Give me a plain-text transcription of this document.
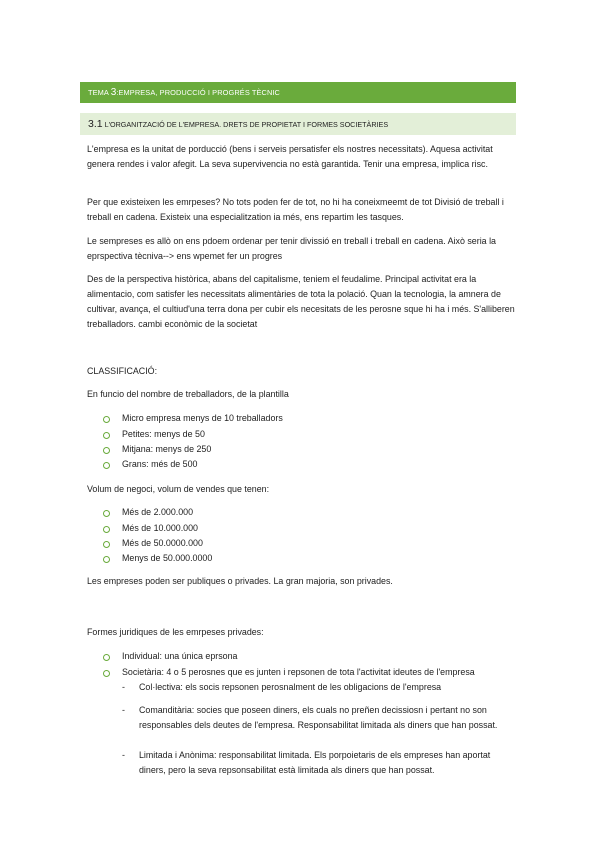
TEMA 3:EMPRESA, PRODUCCIÓ I PROGRÉS TÈCNIC
3.1 L'ORGANITZACIÓ DE L'EMPRESA. DRETS DE PROPIETAT I FORMES SOCIETÀRIES

L'empresa es la unitat de porducció (bens i serveis persatisfer els nostres necessitats). Aquesa activitat genera rendes i valor afegit. La seva supervivencia no està garantida. Tenir una empresa, implica risc.

Per que existeixen les emrpeses? No tots poden fer de tot, no hi ha coneixmeemt de tot Divisió de treball i treball en cadena. Existeix una especialitzation ia més, ens repartim les tasques.

Le sempreses es allò on ens pdoem ordenar per tenir divissió en treball i treball en cadena. Això seria la eprspectiva tècniva--> ens wpemet fer un progres

Des de la perspectiva històrica, abans del capitalisme, teniem el feudalime. Principal activitat era la alimentacio, com satisfer les necessitats alimentàries de tota la polació. Quan la tecnologia, la amnera de cultivar, avança, el cultiud'una terra dona per cubir els necesitats de les perosne sque hi ha i més. S'alliberen treballadors. cambi econòmic de la societat

CLASSIFICACIÓ:

En funcio del nombre de treballadors, de la plantilla

Micro empresa menys de 10 treballadors
Petites: menys de 50
Mitjana: menys de 250
Grans: més de 500

Volum de negoci, volum de vendes que tenen:

Més de 2.000.000
Més de 10.000.000
Més de 50.0000.000
Menys de 50.000.0000

Les empreses poden ser publiques o privades. La gran majoria, son privades.

Formes juridiques de les emrpeses privades:

Individual: una única eprsona
Societària: 4 o 5 perosnes que es junten i repsonen de tota l'activitat ideutes de l'empresa
- Col·lectiva: els socis repsonen perosnalment de les obligacions de l'empresa
- Comanditària: socies que poseen diners, els cuals no preñen decissiosn i pertant no son responsables dels deutes de l'empresa. Responsabilitat limitada als diners que han possat.
- Limitada i Anònima: responsabilitat limitada. Els porpoietaris de els empreses han aportat diners, pero la seva repsonsabilitat està limitada als diners que han possat.
